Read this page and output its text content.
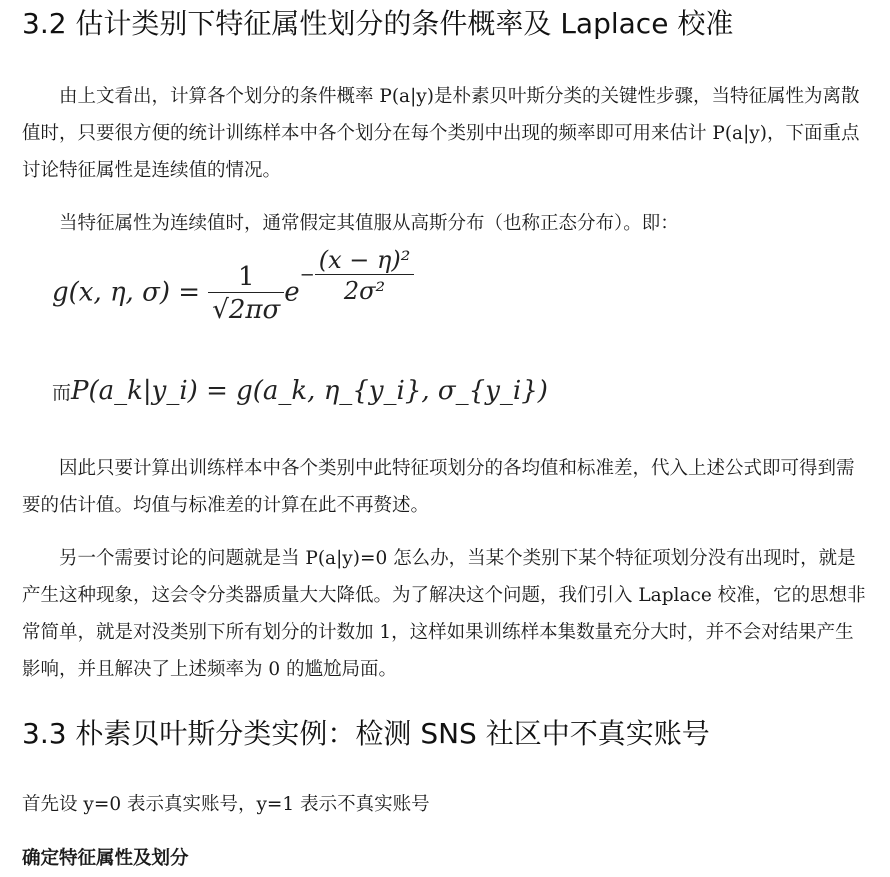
3.2 估计类别下特征属性划分的条件概率及 Laplace 校准

由上文看出，计算各个划分的条件概率 P(a|y)是朴素贝叶斯分类的关键性步骤，当特征属性为离散值时，只要很方便的统计训练样本中各个划分在每个类别中出现的频率即可用来估计 P(a|y)，下面重点讨论特征属性是连续值的情况。

当特征属性为连续值时，通常假定其值服从高斯分布（也称正态分布）。即：

g(x, η, $\sigma) = \frac{1}{√2\pi\sigma} e- \frac{\text{(x − η)²}}{\text{2σ²}}$
而P(a_k|y_i) = g(a_k, η_{y_i}, σ_{y_i})

因此只要计算出训练样本中各个类别中此特征项划分的各均值和标准差，代入上述公式即可得到需要的估计值。均值与标准差的计算在此不再赘述。

另一个需要讨论的问题就是当 P(a|y)=0 怎么办，当某个类别下某个特征项划分没有出现时，就是产生这种现象，这会令分类器质量大大降低。为了解决这个问题，我们引入 Laplace 校准，它的思想非常简单，就是对没类别下所有划分的计数加 1，这样如果训练样本集数量充分大时，并不会对结果产生影响，并且解决了上述频率为 0 的尴尬局面。

3.3 朴素贝叶斯分类实例：检测 SNS 社区中不真实账号

首先设 y=0 表示真实账号，y=1 表示不真实账号

确定特征属性及划分
